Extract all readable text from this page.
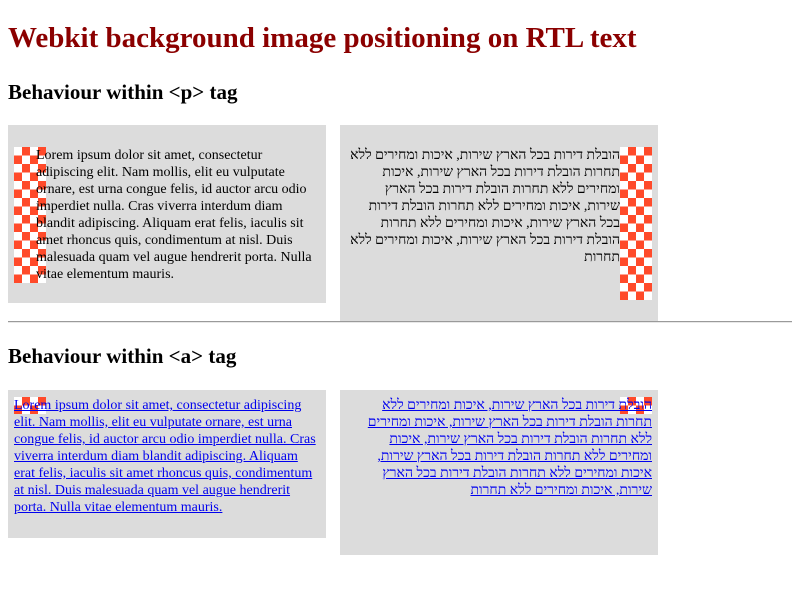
Webkit background image positioning on RTL text
Behaviour within <p> tag

Lorem ipsum dolor sit amet, consectetur adipiscing elit. Nam mollis, elit eu vulputate ornare, est urna congue felis, id auctor arcu odio imperdiet nulla. Cras viverra interdum diam blandit adipiscing. Aliquam erat felis, iaculis sit amet rhoncus quis, condimentum at nisl. Duis malesuada quam vel augue hendrerit porta. Nulla vitae elementum mauris.

הובלת דירות בכל הארץ שירות, איכות ומחירים ללא תחרות הובלת דירות בכל הארץ שירות, איכות ומחירים ללא תחרות הובלת דירות בכל הארץ שירות, איכות ומחירים ללא תחרות הובלת דירות בכל הארץ שירות, איכות ומחירים ללא תחרות הובלת דירות בכל הארץ שירות, איכות ומחירים ללא תחרות

Behaviour within <a> tag
Lorem ipsum dolor sit amet, consectetur adipiscing elit. Nam mollis, elit eu vulputate ornare, est urna congue felis, id auctor arcu odio imperdiet nulla. Cras viverra interdum diam blandit adipiscing. Aliquam erat felis, iaculis sit amet rhoncus quis, condimentum at nisl. Duis malesuada quam vel augue hendrerit porta. Nulla vitae elementum mauris.
הובלת דירות בכל הארץ שירות, איכות ומחירים ללא תחרות הובלת דירות בכל הארץ שירות, איכות ומחירים ללא תחרות הובלת דירות בכל הארץ שירות, איכות ומחירים ללא תחרות הובלת דירות בכל הארץ שירות, איכות ומחירים ללא תחרות הובלת דירות בכל הארץ שירות, איכות ומחירים ללא תחרות
